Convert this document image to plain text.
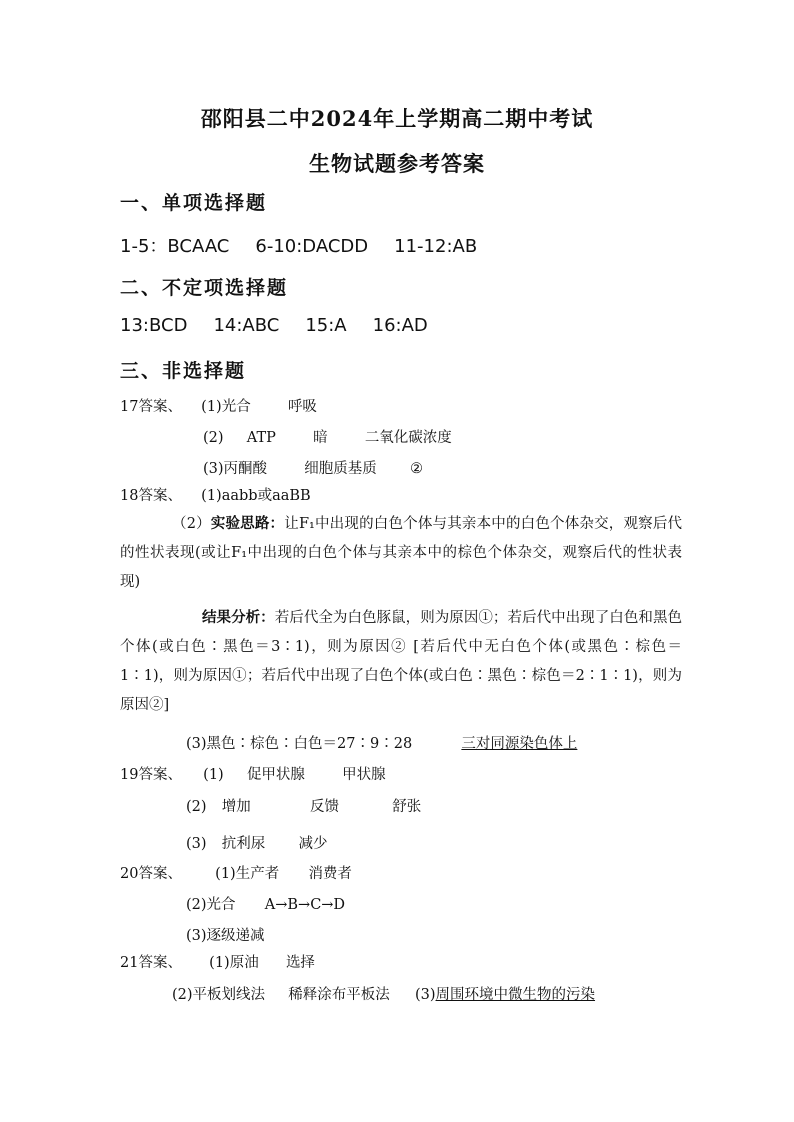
邵阳县二中2024年上学期高二期中考试
生物试题参考答案
一、单项选择题
1-5：BCAAC 6-10:DACDD 11-12:AB
二、不定项选择题
13:BCD 14:ABC 15:A 16:AD
三、非选择题
17答案、 (1)光合	呼吸
(2) ATP	暗	二氧化碳浓度
(3)丙酮酸	细胞质基质 ②
18答案、 (1)aabb或aaBB
（2）实验思路：让F₁中出现的白色个体与其亲本中的白色个体杂交，观察后代的性状表现(或让F₁中出现的白色个体与其亲本中的棕色个体杂交，观察后代的性状表现)
结果分析：若后代全为白色豚鼠，则为原因①；若后代中出现了白色和黑色个体(或白色∶黑色＝3∶1)，则为原因② [若后代中无白色个体(或黑色∶棕色＝1∶1)，则为原因①；若后代中出现了白色个体(或白色∶黑色∶棕色＝2∶1∶1)，则为原因②]
(3)黑色∶棕色∶白色＝27∶9∶28	三对同源染色体上
19答案、 (1) 促甲状腺	甲状腺
(2) 增加	反馈	舒张
(3) 抗利尿 减少
20答案、 (1)生产者 消费者
(2)光合 A→B→C→D
(3)逐级递减
21答案、 (1)原油 选择
(2)平板划线法 稀释涂布平板法 (3)周围环境中微生物的污染
